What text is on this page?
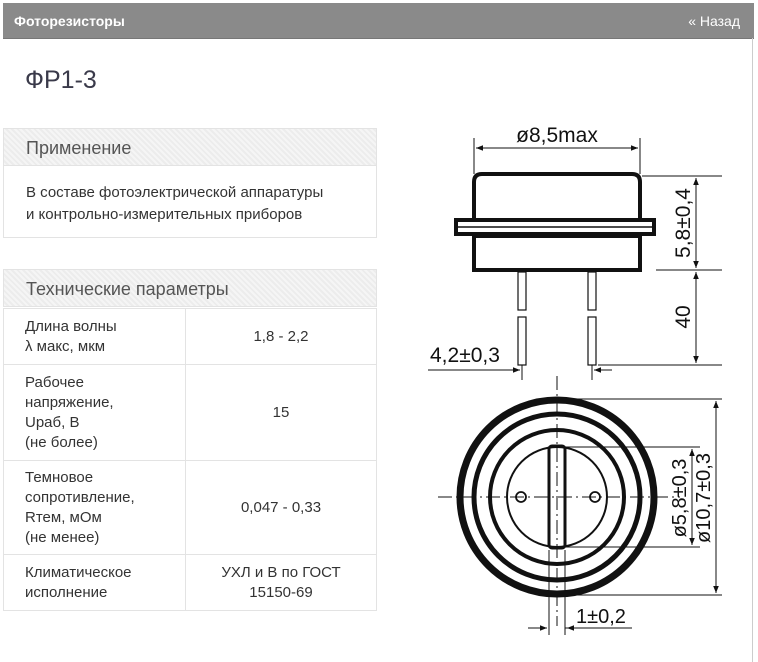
Фоторезисторы	« Назад
ФР1-3
Применение
В составе фотоэлектрической аппаратуры
и контрольно-измерительных приборов
Технические параметры
Длина волны
λ макс, мкм	1,8 - 2,2
Рабочее
напряжение,
Uраб, В
(не более)	15
Темновое
сопротивление,
Rтем, мОм
(не менее)	0,047 - 0,33
Климатическое
исполнение	УХЛ и В по ГОСТ
15150-69
ø8,5max
5,8±0,4
40
4,2±0,3
ø5,8±0,3 ø10,7±0,3
1±0,2
